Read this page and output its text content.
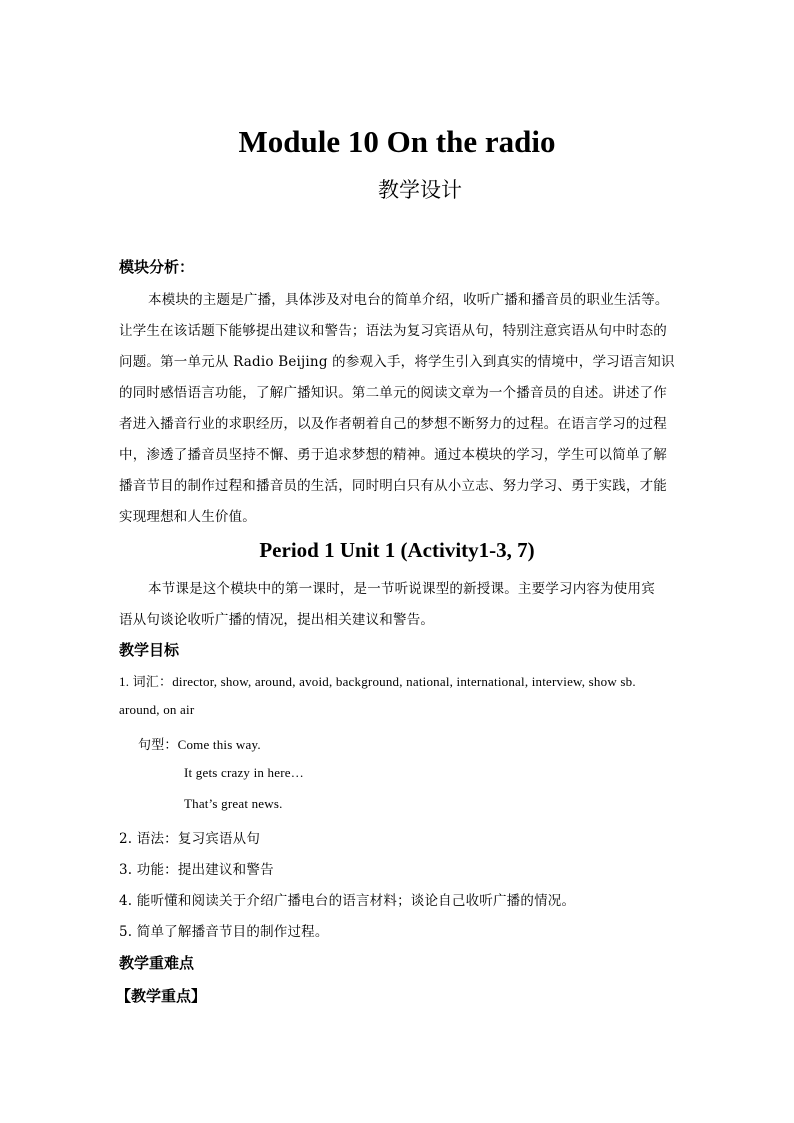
Module 10 On the radio
教学设计
模块分析：
本模块的主题是广播，具体涉及对电台的简单介绍，收听广播和播音员的职业生活等。
让学生在该话题下能够提出建议和警告；语法为复习宾语从句，特别注意宾语从句中时态的
问题。第一单元从 Radio Beijing 的参观入手，将学生引入到真实的情境中，学习语言知识
的同时感悟语言功能，了解广播知识。第二单元的阅读文章为一个播音员的自述。讲述了作
者进入播音行业的求职经历，以及作者朝着自己的梦想不断努力的过程。在语言学习的过程
中，渗透了播音员坚持不懈、勇于追求梦想的精神。通过本模块的学习，学生可以简单了解
播音节目的制作过程和播音员的生活，同时明白只有从小立志、努力学习、勇于实践，才能
实现理想和人生价值。
Period 1 Unit 1 (Activity1-3, 7)
本节课是这个模块中的第一课时，是一节听说课型的新授课。主要学习内容为使用宾
语从句谈论收听广播的情况，提出相关建议和警告。
教学目标
1. 词汇：director, show, around, avoid, background, national, international, interview, show sb.
around, on air
句型：Come this way.
It gets crazy in here…
That’s great news.
2. 语法：复习宾语从句
3. 功能：提出建议和警告
4. 能听懂和阅读关于介绍广播电台的语言材料；谈论自己收听广播的情况。
5. 简单了解播音节目的制作过程。
教学重难点
【教学重点】
